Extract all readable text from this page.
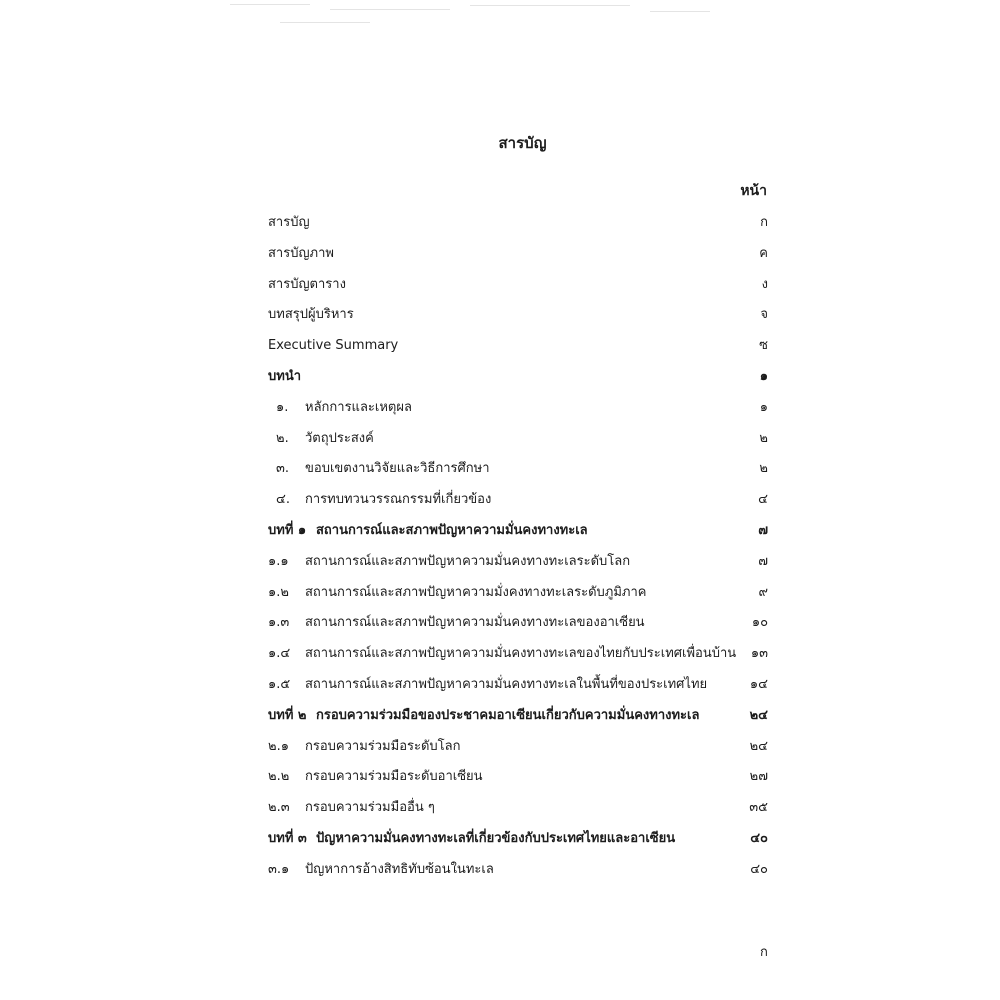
สารบัญ
หน้า
สารบัญ	ก
สารบัญภาพ	ค
สารบัญตาราง	ง
บทสรุปผู้บริหาร	จ
Executive Summary	ซ
บทนำ	๑
๑. หลักการและเหตุผล	๑
๒. วัตถุประสงค์	๒
๓. ขอบเขตงานวิจัยและวิธีการศึกษา	๒
๔. การทบทวนวรรณกรรมที่เกี่ยวข้อง	๔
บทที่ ๑ สถานการณ์และสภาพปัญหาความมั่นคงทางทะเล	๗
๑.๑ สถานการณ์และสภาพปัญหาความมั่นคงทางทะเลระดับโลก	๗
๑.๒ สถานการณ์และสภาพปัญหาความมั่งคงทางทะเลระดับภูมิภาค	๙
๑.๓ สถานการณ์และสภาพปัญหาความมั่นคงทางทะเลของอาเซียน	๑๐
๑.๔ สถานการณ์และสภาพปัญหาความมั่นคงทางทะเลของไทยกับประเทศเพื่อนบ้าน ๑๓
๑.๕ สถานการณ์และสภาพปัญหาความมั่นคงทางทะเลในพื้นที่ของประเทศไทย	๑๔
บทที่ ๒ กรอบความร่วมมือของประชาคมอาเซียนเกี่ยวกับความมั่นคงทางทะเล	๒๔
๒.๑ กรอบความร่วมมือระดับโลก	๒๔
๒.๒ กรอบความร่วมมือระดับอาเซียน	๒๗
๒.๓ กรอบความร่วมมืออื่น ๆ	๓๕
บทที่ ๓ ปัญหาความมั่นคงทางทะเลที่เกี่ยวข้องกับประเทศไทยและอาเซียน	๔๐
๓.๑ ปัญหาการอ้างสิทธิทับซ้อนในทะเล	๔๐
ก
